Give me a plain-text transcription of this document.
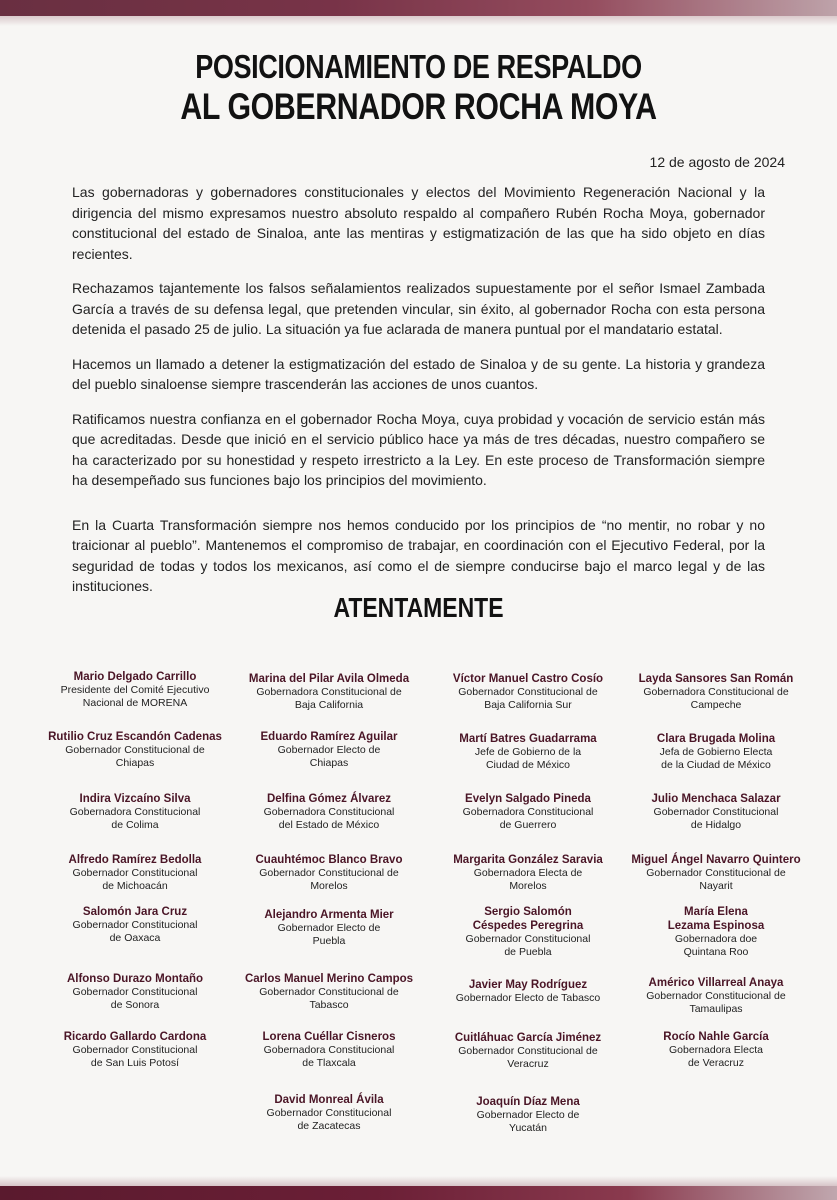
POSICIONAMIENTO DE RESPALDO
AL GOBERNADOR ROCHA MOYA
12 de agosto de 2024

Las gobernadoras y gobernadores constitucionales y electos del Movimiento Regeneración Nacional y la dirigencia del mismo expresamos nuestro absoluto respaldo al compañero Rubén Rocha Moya, gobernador constitucional del estado de Sinaloa, ante las mentiras y estigmatización de las que ha sido objeto en días recientes.

Rechazamos tajantemente los falsos señalamientos realizados supuestamente por el señor Ismael Zambada García a través de su defensa legal, que pretenden vincular, sin éxito, al gobernador Rocha con esta persona detenida el pasado 25 de julio. La situación ya fue aclarada de manera puntual por el mandatario estatal.

Hacemos un llamado a detener la estigmatización del estado de Sinaloa y de su gente. La historia y grandeza del pueblo sinaloense siempre trascenderán las acciones de unos cuantos.

Ratificamos nuestra confianza en el gobernador Rocha Moya, cuya probidad y vocación de servicio están más que acreditadas. Desde que inició en el servicio público hace ya más de tres décadas, nuestro compañero se ha caracterizado por su honestidad y respeto irrestricto a la Ley. En este proceso de Transformación siempre ha desempeñado sus funciones bajo los principios del movimiento.

En la Cuarta Transformación siempre nos hemos conducido por los principios de “no mentir, no robar y no traicionar al pueblo”. Mantenemos el compromiso de trabajar, en coordinación con el Ejecutivo Federal, por la seguridad de todas y todos los mexicanos, así como el de siempre conducirse bajo el marco legal y de las instituciones.

ATENTAMENTE
Mario Delgado Carrillo
Presidente del Comité Ejecutivo
Nacional de MORENA
Rutilio Cruz Escandón Cadenas
Gobernador Constitucional de
Chiapas
Indira Vizcaíno Silva
Gobernadora Constitucional
de Colima
Alfredo Ramírez Bedolla
Gobernador Constitucional
de Michoacán
Salomón Jara Cruz
Gobernador Constitucional
de Oaxaca
Alfonso Durazo Montaño
Gobernador Constitucional
de Sonora
Ricardo Gallardo Cardona
Gobernador Constitucional
de San Luis Potosí
Marina del Pilar Avila Olmeda
Gobernadora Constitucional de
Baja California
Eduardo Ramírez Aguilar
Gobernador Electo de
Chiapas
Delfina Gómez Álvarez
Gobernadora Constitucional
del Estado de México
Cuauhtémoc Blanco Bravo
Gobernador Constitucional de
Morelos
Alejandro Armenta Mier
Gobernador Electo de
Puebla
Carlos Manuel Merino Campos
Gobernador Constitucional de
Tabasco
Lorena Cuéllar Cisneros
Gobernadora Constitucional
de Tlaxcala
David Monreal Ávila
Gobernador Constitucional
de Zacatecas
Víctor Manuel Castro Cosío
Gobernador Constitucional de
Baja California Sur
Martí Batres Guadarrama
Jefe de Gobierno de la
Ciudad de México
Evelyn Salgado Pineda
Gobernadora Constitucional
de Guerrero
Margarita González Saravia
Gobernadora Electa de
Morelos
Sergio Salomón
Céspedes Peregrina
Gobernador Constitucional
de Puebla
Javier May Rodríguez
Gobernador Electo de Tabasco
Cuitláhuac García Jiménez
Gobernador Constitucional de
Veracruz
Joaquín Díaz Mena
Gobernador Electo de
Yucatán
Layda Sansores San Román
Gobernadora Constitucional de
Campeche
Clara Brugada Molina
Jefa de Gobierno Electa
de la Ciudad de México
Julio Menchaca Salazar
Gobernador Constitucional
de Hidalgo
Miguel Ángel Navarro Quintero
Gobernador Constitucional de
Nayarit
María Elena
Lezama Espinosa
Gobernadora doe
Quintana Roo
Américo Villarreal Anaya
Gobernador Constitucional de
Tamaulipas
Rocío Nahle García
Gobernadora Electa
de Veracruz
